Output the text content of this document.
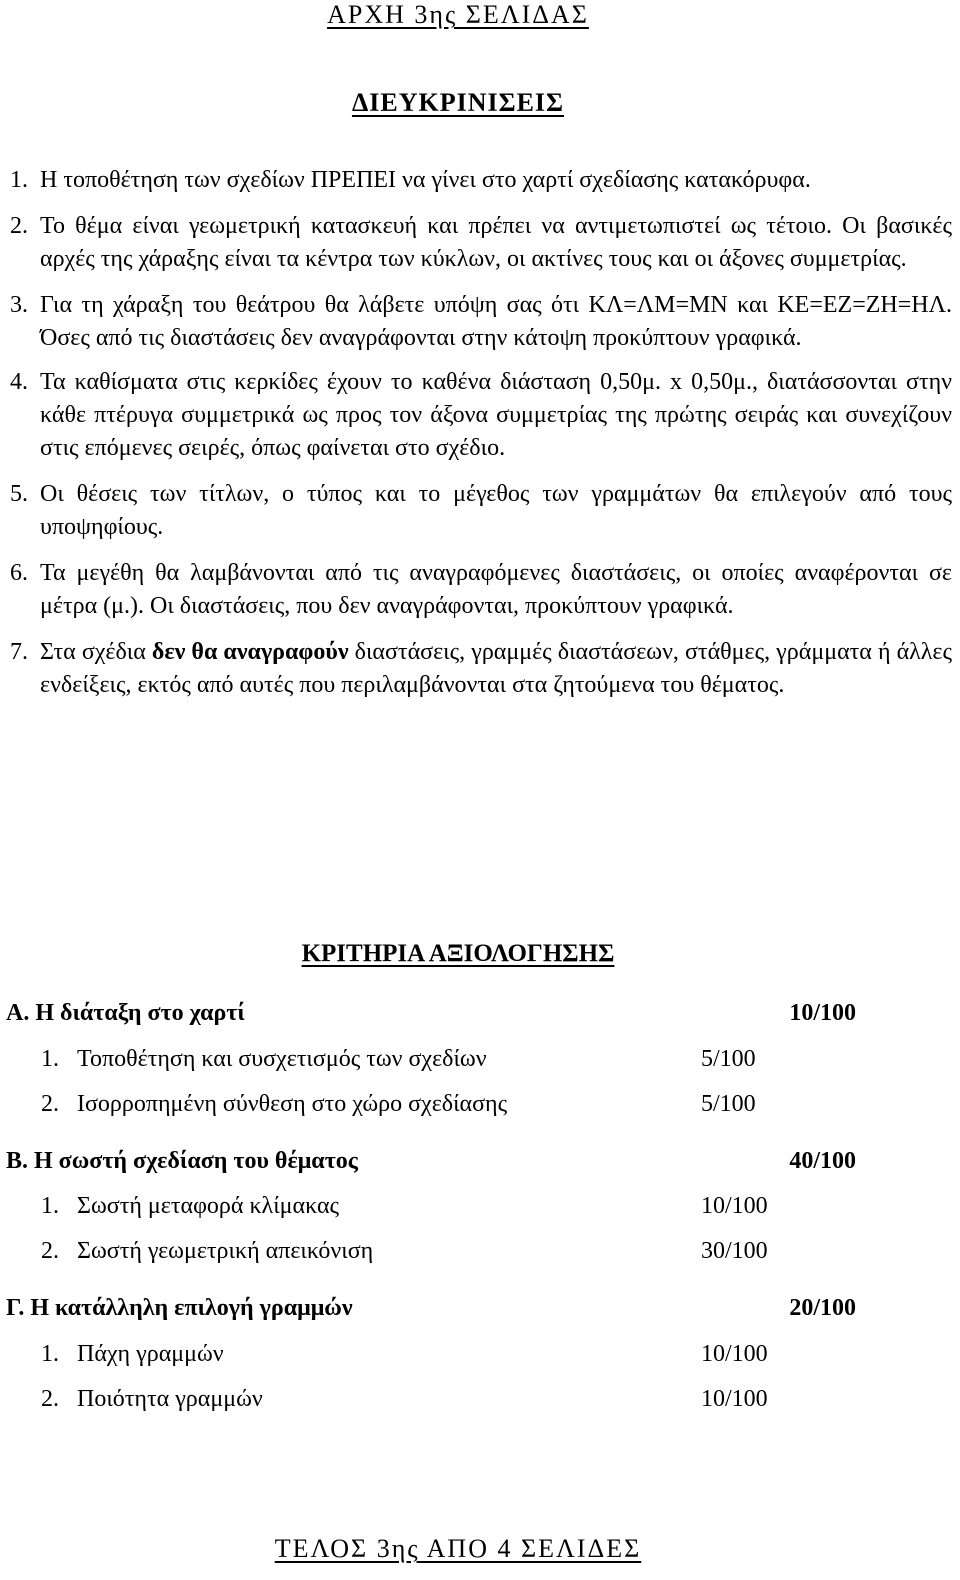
ΑΡΧΗ 3ης ΣΕΛΙΔΑΣ
ΔΙΕΥΚΡΙΝΙΣΕΙΣ
1. Η τοποθέτηση των σχεδίων ΠΡΕΠΕΙ να γίνει στο χαρτί σχεδίασης κατακόρυφα.
2. Το θέμα είναι γεωμετρική κατασκευή και πρέπει να αντιμετωπιστεί ως τέτοιο. Οι βασικές αρχές της χάραξης είναι τα κέντρα των κύκλων, οι ακτίνες τους και οι άξονες συμμετρίας.
3. Για τη χάραξη του θεάτρου θα λάβετε υπόψη σας ότι ΚΛ=ΛΜ=ΜΝ και ΚΕ=ΕΖ=ΖΗ=ΗΛ. Όσες από τις διαστάσεις δεν αναγράφονται στην κάτοψη προκύπτουν γραφικά.
4. Τα καθίσματα στις κερκίδες έχουν το καθένα διάσταση 0,50μ. x 0,50μ., διατάσσονται στην κάθε πτέρυγα συμμετρικά ως προς τον άξονα συμμετρίας της πρώτης σειράς και συνεχίζουν στις επόμενες σειρές, όπως φαίνεται στο σχέδιο.
5. Οι θέσεις των τίτλων, ο τύπος και το μέγεθος των γραμμάτων θα επιλεγούν από τους υποψηφίους.
6. Τα μεγέθη θα λαμβάνονται από τις αναγραφόμενες διαστάσεις, οι οποίες αναφέρονται σε μέτρα (μ.). Οι διαστάσεις, που δεν αναγράφονται, προκύπτουν γραφικά.
7. Στα σχέδια δεν θα αναγραφούν διαστάσεις, γραμμές διαστάσεων, στάθμες, γράμματα ή άλλες ενδείξεις, εκτός από αυτές που περιλαμβάνονται στα ζητούμενα του θέματος.
ΚΡΙΤΗΡΙΑ ΑΞΙΟΛΟΓΗΣΗΣ
Α. Η διάταξη στο χαρτί	10/100
1. Τοποθέτηση και συσχετισμός των σχεδίων	5/100
2. Ισορροπημένη σύνθεση στο χώρο σχεδίασης	5/100
Β. Η σωστή σχεδίαση του θέματος	40/100
1. Σωστή μεταφορά κλίμακας	10/100
2. Σωστή γεωμετρική απεικόνιση	30/100
Γ. Η κατάλληλη επιλογή γραμμών	20/100
1. Πάχη γραμμών	10/100
2. Ποιότητα γραμμών	10/100
ΤΕΛΟΣ 3ης ΑΠΟ 4 ΣΕΛΙΔΕΣ
